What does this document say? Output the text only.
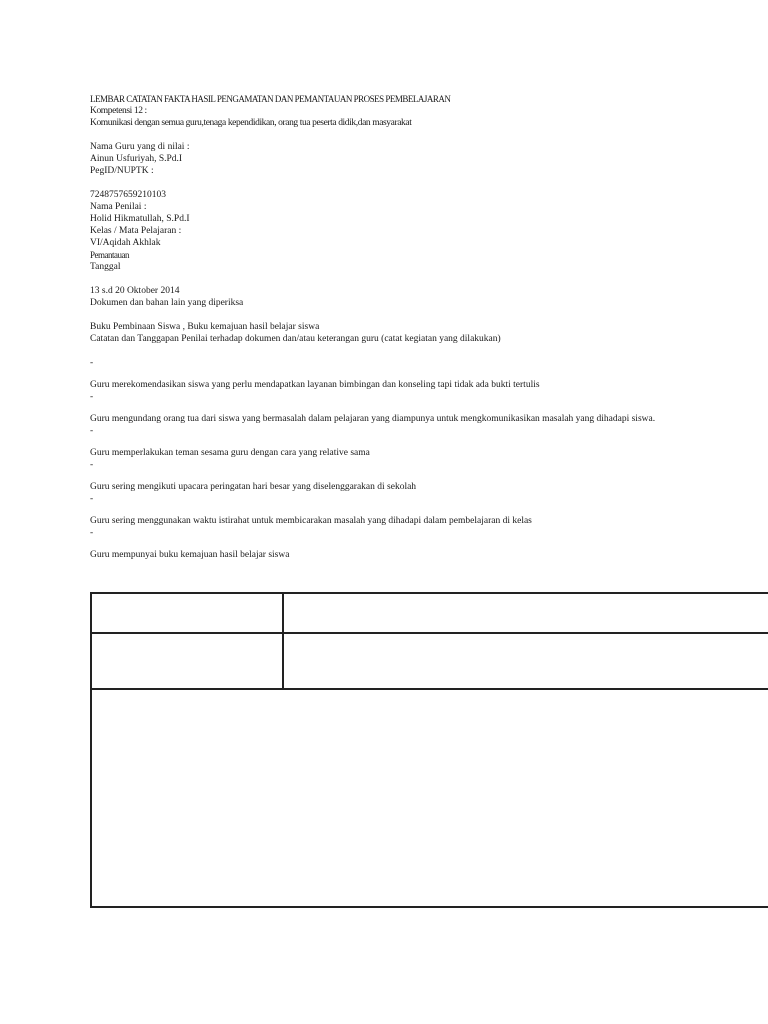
LEMBAR CATATAN FAKTA HASIL PENGAMATAN DAN PEMANTAUAN PROSES PEMBELAJARAN

Kompetensi 12 :

Komunikasi dengan semua guru,tenaga kependidikan, orang tua peserta didik,dan masyarakat

Nama Guru yang di nilai :

Ainun Usfuriyah, S.Pd.I

PegID/NUPTK :

7248757659210103

Nama Penilai :

Holid Hikmatullah, S.Pd.I

Kelas / Mata Pelajaran :

VI/Aqidah Akhlak

Pemantauan

Tanggal

13 s.d 20 Oktober 2014

Dokumen dan bahan lain yang diperiksa

Buku Pembinaan Siswa , Buku kemajuan hasil belajar siswa

Catatan dan Tanggapan Penilai terhadap dokumen dan/atau keterangan guru (catat kegiatan yang dilakukan)

-

Guru merekomendasikan siswa yang perlu mendapatkan layanan bimbingan dan konseling tapi tidak ada bukti tertulis

-

Guru mengundang orang tua dari siswa yang bermasalah dalam pelajaran yang diampunya untuk mengkomunikasikan masalah yang dihadapi siswa.

-

Guru memperlakukan teman sesama guru dengan cara yang relative sama

-

Guru sering mengikuti upacara peringatan hari besar yang diselenggarakan di sekolah

-

Guru sering menggunakan waktu istirahat untuk membicarakan masalah yang dihadapi dalam pembelajaran di kelas

-

Guru mempunyai buku kemajuan hasil belajar siswa
